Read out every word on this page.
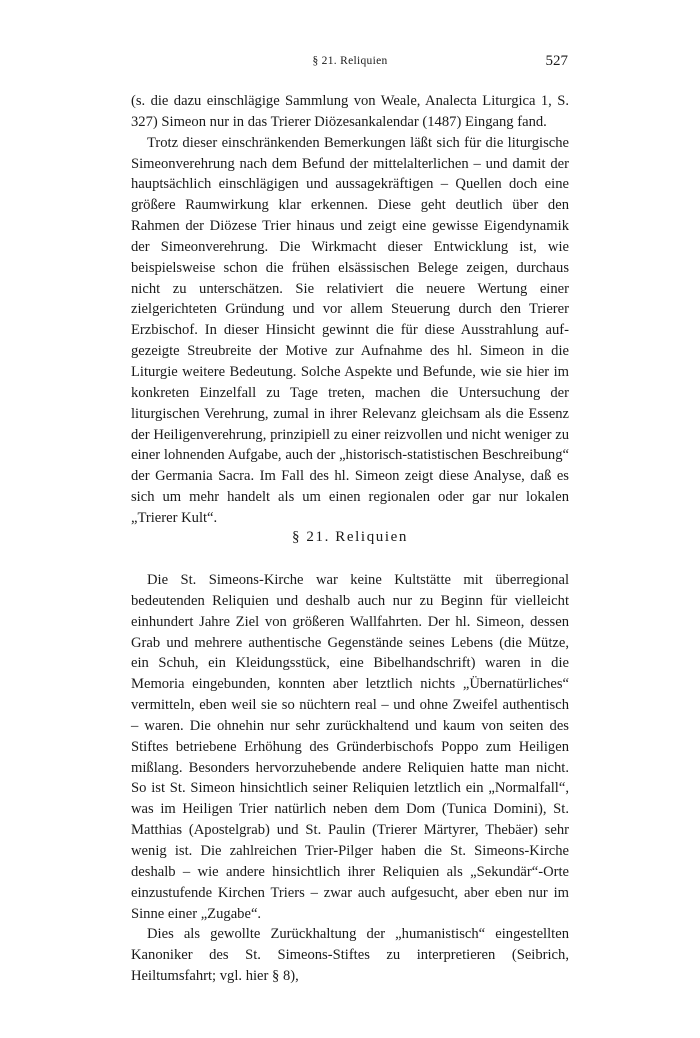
§ 21. Reliquien	527

(s. die dazu einschlägige Sammlung von Weale, Analecta Liturgica 1, S. 327) Simeon nur in das Trierer Diözesankalendar (1487) Eingang fand.

Trotz dieser einschränkenden Bemerkungen läßt sich für die liturgische Simeonverehrung nach dem Befund der mittelalterlichen – und damit der hauptsächlich einschlägigen und aussagekräftigen – Quellen doch eine größere Raumwirkung klar erkennen. Diese geht deutlich über den Rahmen der Diözese Trier hinaus und zeigt eine gewisse Eigendynamik der Simeonverehrung. Die Wirkmacht dieser Entwicklung ist, wie beispielsweise schon die frühen elsässischen Belege zeigen, durchaus nicht zu unterschätzen. Sie relativiert die neuere Wertung einer zielgerichteten Gründung und vor allem Steuerung durch den Trierer Erzbischof. In dieser Hinsicht gewinnt die für diese Ausstrahlung aufgezeigte Streubreite der Motive zur Aufnahme des hl. Simeon in die Liturgie weitere Bedeutung. Solche Aspekte und Befunde, wie sie hier im konkreten Einzelfall zu Tage treten, machen die Untersuchung der liturgischen Verehrung, zumal in ihrer Relevanz gleichsam als die Essenz der Heiligenverehrung, prinzipiell zu einer reizvollen und nicht weniger zu einer lohnenden Aufgabe, auch der „historisch-statistischen Beschreibung“ der Germania Sacra. Im Fall des hl. Simeon zeigt diese Analyse, daß es sich um mehr handelt als um einen regionalen oder gar nur lokalen „Trierer Kult“.

§ 21. Reliquien

Die St. Simeons-Kirche war keine Kultstätte mit überregional bedeutenden Reliquien und deshalb auch nur zu Beginn für vielleicht einhundert Jahre Ziel von größeren Wallfahrten. Der hl. Simeon, dessen Grab und mehrere authentische Gegenstände seines Lebens (die Mütze, ein Schuh, ein Kleidungsstück, eine Bibelhandschrift) waren in die Memoria eingebunden, konnten aber letztlich nichts „Übernatürliches“ vermitteln, eben weil sie so nüchtern real – und ohne Zweifel authentisch – waren. Die ohnehin nur sehr zurückhaltend und kaum von seiten des Stiftes betriebene Erhöhung des Gründerbischofs Poppo zum Heiligen mißlang. Besonders hervorzuhebende andere Reliquien hatte man nicht. So ist St. Simeon hinsichtlich seiner Reliquien letztlich ein „Normalfall“, was im Heiligen Trier natürlich neben dem Dom (Tunica Domini), St. Matthias (Apostelgrab) und St. Paulin (Trierer Märtyrer, Thebäer) sehr wenig ist. Die zahlreichen Trier-Pilger haben die St. Simeons-Kirche deshalb – wie andere hinsichtlich ihrer Reliquien als „Sekundär“-Orte einzustufende Kirchen Triers – zwar auch aufgesucht, aber eben nur im Sinne einer „Zugabe“.

Dies als gewollte Zurückhaltung der „humanistisch“ eingestellten Kanoniker des St. Simeons-Stiftes zu interpretieren (Seibrich, Heiltumsfahrt; vgl. hier § 8),
